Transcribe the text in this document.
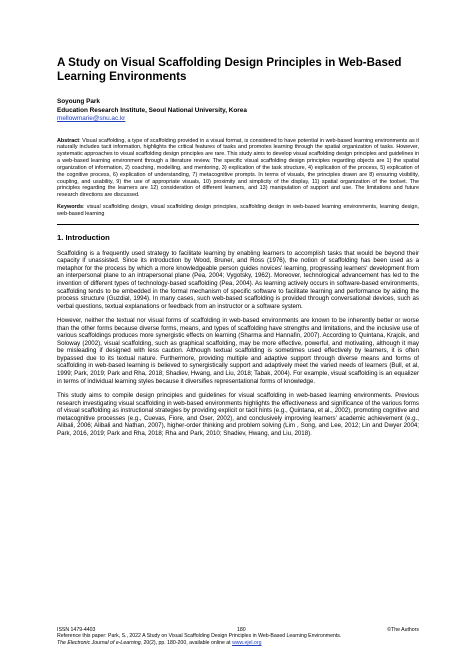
A Study on Visual Scaffolding Design Principles in Web-Based Learning Environments

Soyoung Park

Education Research Institute, Seoul National University, Korea

mellowmarie@snu.ac.kr

Abstract: Visual scaffolding, a type of scaffolding provided in a visual format, is considered to have potential in web-based learning environments as it naturally includes tacit information, highlights the critical features of tasks and promotes learning through the spatial organization of tasks. However, systematic approaches to visual scaffolding design principles are rare. This study aims to develop visual scaffolding design principles and guidelines in a web-based learning environment through a literature review. The specific visual scaffolding design principles regarding objects are 1) the spatial organization of information, 2) coaching, modelling, and mentoring, 3) explication of the task structure, 4) explication of the process, 5) explication of the cognitive process, 6) explication of understanding, 7) metacognitive prompts. In terms of visuals, the principles drawn are 8) ensuring visibility, coupling, and usability, 9) the use of appropriate visuals, 10) proximity and simplicity of the display, 11) spatial organization of the toolset. The principles regarding the learners are 12) consideration of different learners, and 13) manipulation of support and use. The limitations and future research directions are discussed.

Keywords: visual scaffolding design, visual scaffolding design principles, scaffolding design in web-based learning environments, learning design, web-based learning

1. Introduction

Scaffolding is a frequently used strategy to facilitate learning by enabling learners to accomplish tasks that would be beyond their capacity if unassisted. Since its introduction by Wood, Bruner, and Ross (1976), the notion of scaffolding has been used as a metaphor for the process by which a more knowledgeable person guides novices' learning, progressing learners' development from an interpersonal plane to an intrapersonal plane (Pea, 2004; Vygotsky, 1962). Moreover, technological advancement has led to the invention of different types of technology-based scaffolding (Pea, 2004). As learning actively occurs in software-based environments, scaffolding tends to be embedded in the formal mechanism of specific software to facilitate learning and performance by aiding the process structure (Guzdial, 1994). In many cases, such web-based scaffolding is provided through conversational devices, such as verbal questions, textual explanations or feedback from an instructor or a software system.

However, neither the textual nor visual forms of scaffolding in web-based environments are known to be inherently better or worse than the other forms because diverse forms, means, and types of scaffolding have strengths and limitations, and the inclusive use of various scaffoldings produces more synergistic effects on learning (Sharma and Hannafin, 2007). According to Quintana, Krajcik, and Soloway (2002), visual scaffolding, such as graphical scaffolding, may be more effective, powerful, and motivating, although it may be misleading if designed with less caution. Although textual scaffolding is sometimes used effectively by learners, it is often bypassed due to its textual nature. Furthermore, providing multiple and adaptive support through diverse means and forms of scaffolding in web-based learning is believed to synergistically support and adaptively meet the varied needs of learners (Bull, et al, 1999; Park, 2019; Park and Rha, 2018; Shadiev, Hwang, and Liu, 2018; Tabak, 2004). For example, visual scaffolding is an equalizer in terms of individual learning styles because it diversifies representational forms of knowledge.

This study aims to compile design principles and guidelines for visual scaffolding in web-based learning environments. Previous research investigating visual scaffolding in web-based environments highlights the effectiveness and significance of the various forms of visual scaffolding as instructional strategies by providing explicit or tacit hints (e.g., Quintana, et al., 2002), promoting cognitive and metacognitive processes (e.g., Cuevas, Fiore, and Oser, 2002), and conclusively improving learners' academic achievement (e.g., Alibali, 2006; Alibali and Nathan, 2007), higher-order thinking and problem solving (Lim , Song, and Lee, 2012; Lin and Dwyer 2004; Park, 2016, 2019; Park and Rha, 2018; Rha and Park, 2010; Shadiev, Hwang, and Liu, 2018).

ISSN 1479-4403	180	©The Authors

Reference this paper: Park, S., 2022 A Study on Visual Scaffolding Design Principles in Web-Based Learning Environments.
The Electronic Journal of e-Learning, 20(2), pp. 180-200, available online at www.ejel.org
